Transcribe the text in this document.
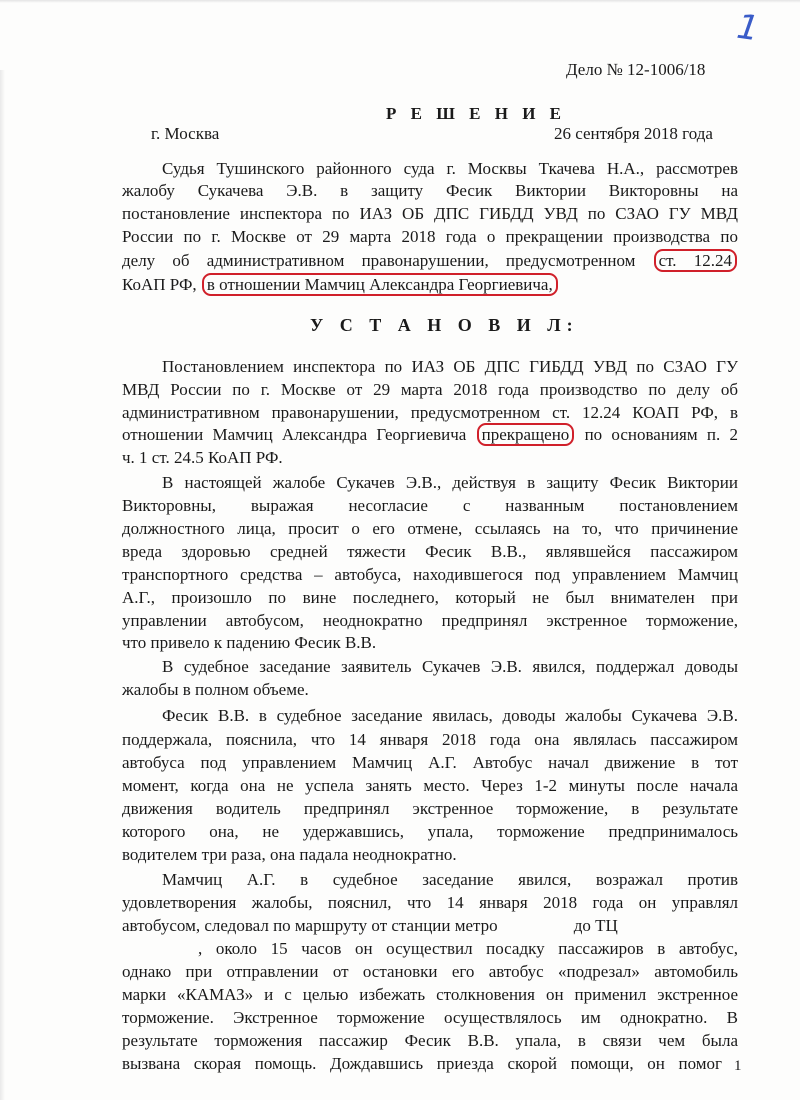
1
Дело № 12-1006/18
Р Е Ш Е Н И Е
г. Москва	26 сентября 2018 года
Судья Тушинского районного суда г. Москвы Ткачева Н.А., рассмотрев
жалобу Сукачева Э.В. в защиту Фесик Виктории Викторовны на
постановление инспектора по ИАЗ ОБ ДПС ГИБДД УВД по СЗАО ГУ МВД
России по г. Москве от 29 марта 2018 года о прекращении производства по
делу об административном правонарушении, предусмотренном ст. 12.24
КоАП РФ, в отношении Мамчиц Александра Георгиевича,
У С Т А Н О В И Л:
Постановлением инспектора по ИАЗ ОБ ДПС ГИБДД УВД по СЗАО ГУ
МВД России по г. Москве от 29 марта 2018 года производство по делу об
административном правонарушении, предусмотренном ст. 12.24 КОАП РФ, в
отношении Мамчиц Александра Георгиевича прекращено по основаниям п. 2
ч. 1 ст. 24.5 КоАП РФ.
В настоящей жалобе Сукачев Э.В., действуя в защиту Фесик Виктории
Викторовны, выражая несогласие с названным постановлением
должностного лица, просит о его отмене, ссылаясь на то, что причинение
вреда здоровью средней тяжести Фесик В.В., являвшейся пассажиром
транспортного средства – автобуса, находившегося под управлением Мамчиц
А.Г., произошло по вине последнего, который не был внимателен при
управлении автобусом, неоднократно предпринял экстренное торможение,
что привело к падению Фесик В.В.
В судебное заседание заявитель Сукачев Э.В. явился, поддержал доводы
жалобы в полном объеме.
Фесик В.В. в судебное заседание явилась, доводы жалобы Сукачева Э.В.
поддержала, пояснила, что 14 января 2018 года она являлась пассажиром
автобуса под управлением Мамчиц А.Г. Автобус начал движение в тот
момент, когда она не успела занять место. Через 1-2 минуты после начала
движения водитель предпринял экстренное торможение, в результате
которого она, не удержавшись, упала, торможение предпринималось
водителем три раза, она падала неоднократно.
Мамчиц А.Г. в судебное заседание явился, возражал против
удовлетворения жалобы, пояснил, что 14 января 2018 года он управлял
автобусом, следовал по маршруту от станции метро	до ТЦ
, около 15 часов он осуществил посадку пассажиров в автобус,
однако при отправлении от остановки его автобус «подрезал» автомобиль
марки «КАМАЗ» и с целью избежать столкновения он применил экстренное
торможение. Экстренное торможение осуществлялось им однократно. В
результате торможения пассажир Фесик В.В. упала, в связи чем была
вызвана скорая помощь. Дождавшись приезда скорой помощи, он помог 1
